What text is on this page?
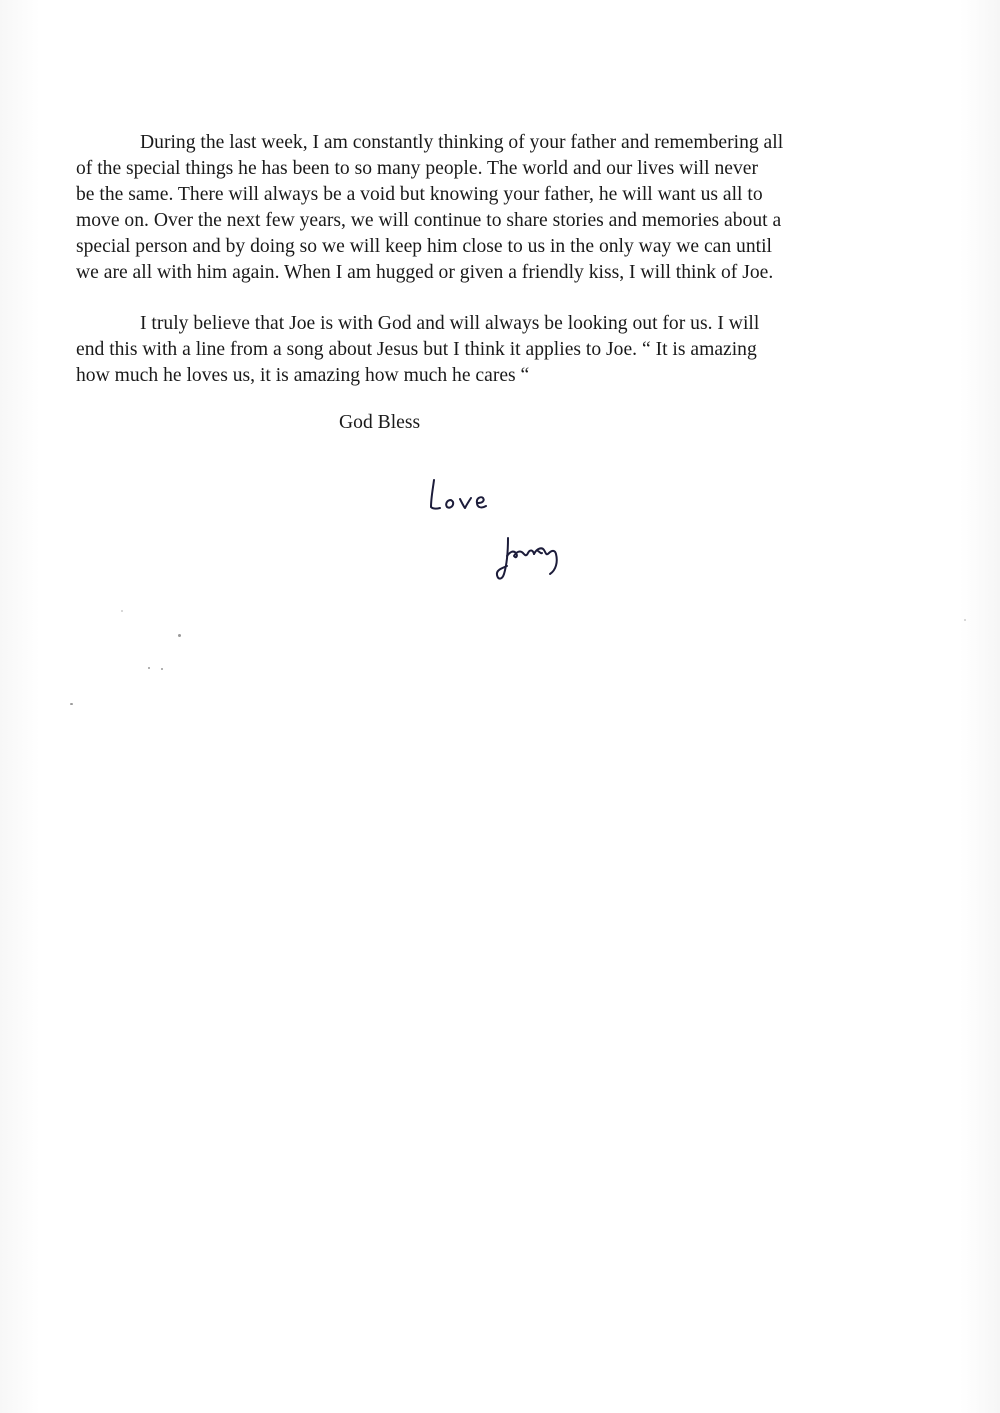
During the last week, I am constantly thinking of your father and remembering all
of the special things he has been to so many people. The world and our lives will never
be the same. There will always be a void but knowing your father, he will want us all to
move on. Over the next few years, we will continue to share stories and memories about a
special person and by doing so we will keep him close to us in the only way we can until
we are all with him again. When I am hugged or given a friendly kiss, I will think of Joe.
I truly believe that Joe is with God and will always be looking out for us. I will
end this with a line from a song about Jesus but I think it applies to Joe. “ It is amazing
how much he loves us, it is amazing how much he cares “
God Bless
